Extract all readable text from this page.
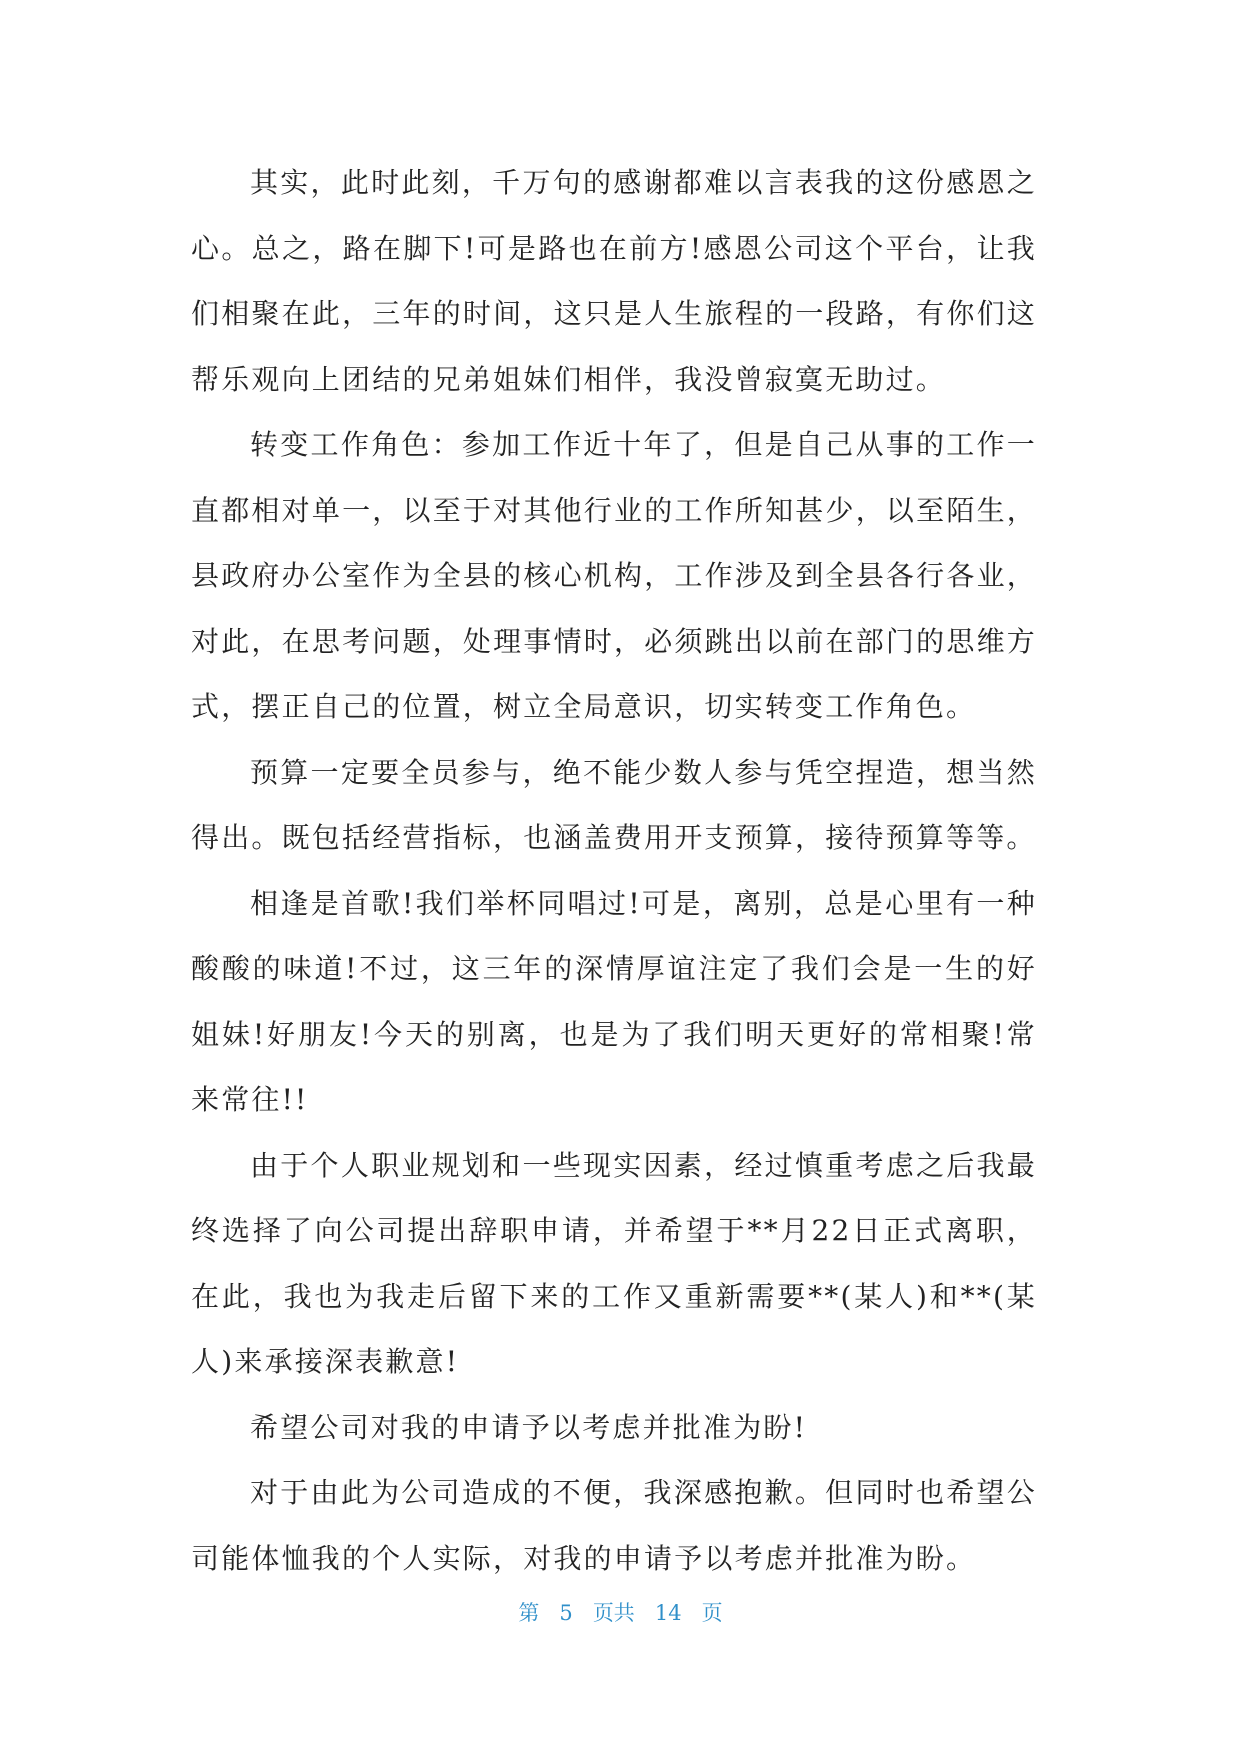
其实，此时此刻，千万句的感谢都难以言表我的这份感恩之心。总之，路在脚下!可是路也在前方!感恩公司这个平台，让我们相聚在此，三年的时间，这只是人生旅程的一段路，有你们这帮乐观向上团结的兄弟姐妹们相伴，我没曾寂寞无助过。

转变工作角色：参加工作近十年了，但是自己从事的工作一直都相对单一，以至于对其他行业的工作所知甚少，以至陌生，县政府办公室作为全县的核心机构，工作涉及到全县各行各业，对此，在思考问题，处理事情时，必须跳出以前在部门的思维方式，摆正自己的位置，树立全局意识，切实转变工作角色。

预算一定要全员参与，绝不能少数人参与凭空捏造，想当然得出。既包括经营指标，也涵盖费用开支预算，接待预算等等。

相逢是首歌!我们举杯同唱过!可是，离别，总是心里有一种酸酸的味道!不过，这三年的深情厚谊注定了我们会是一生的好姐妹!好朋友!今天的别离，也是为了我们明天更好的常相聚!常来常往!!

由于个人职业规划和一些现实因素，经过慎重考虑之后我最终选择了向公司提出辞职申请，并希望于**月22日正式离职，在此，我也为我走后留下来的工作又重新需要**(某人)和**(某人)来承接深表歉意!

希望公司对我的申请予以考虑并批准为盼!

对于由此为公司造成的不便，我深感抱歉。但同时也希望公司能体恤我的个人实际，对我的申请予以考虑并批准为盼。

第 5 页共 14 页
